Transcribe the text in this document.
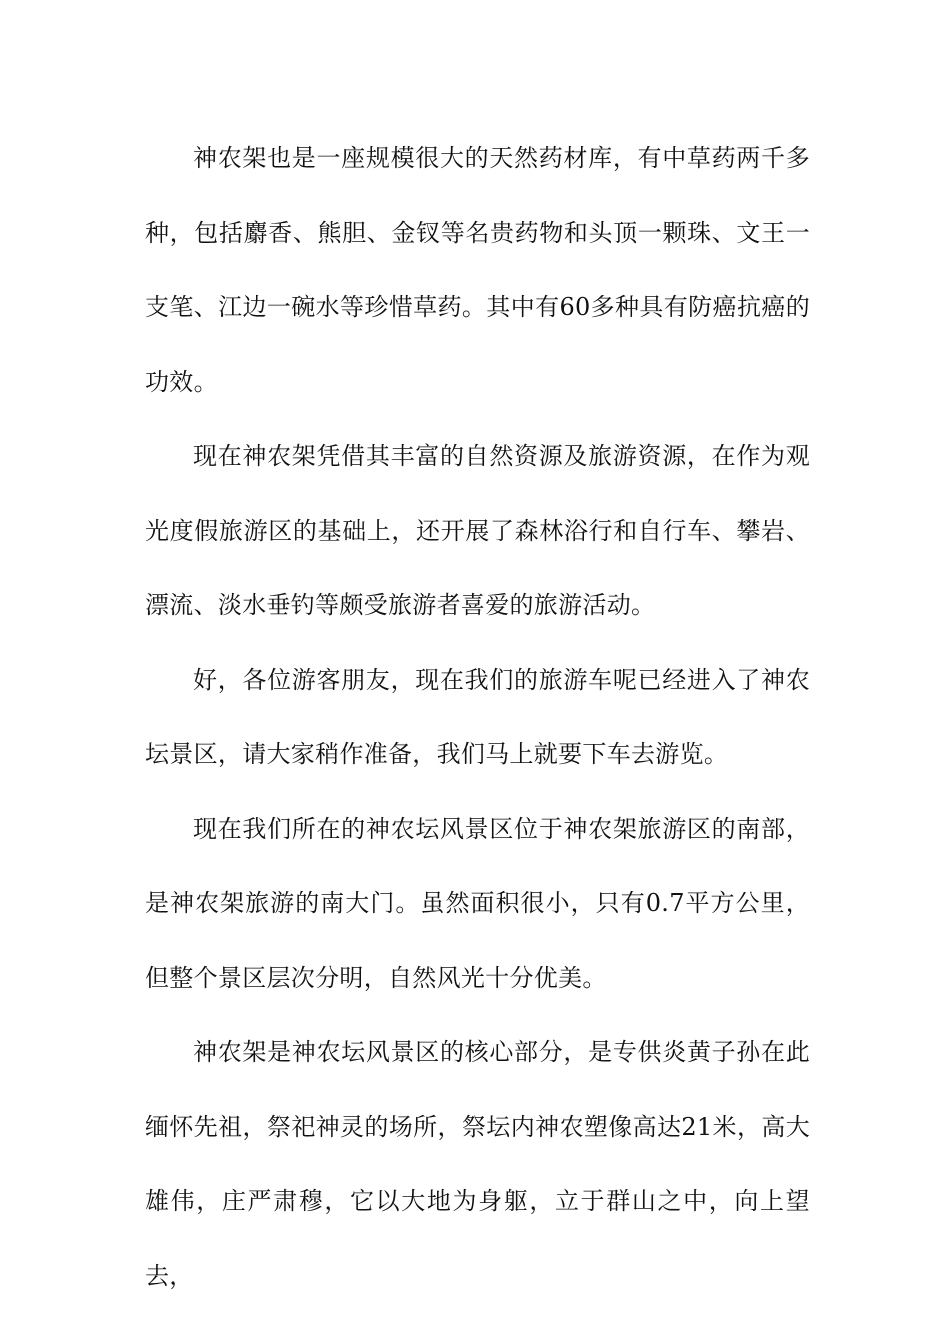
神农架也是一座规模很大的天然药材库，有中草药两千多种，包括麝香、熊胆、金钗等名贵药物和头顶一颗珠、文王一支笔、江边一碗水等珍惜草药。其中有60多种具有防癌抗癌的功效。

现在神农架凭借其丰富的自然资源及旅游资源，在作为观光度假旅游区的基础上，还开展了森林浴行和自行车、攀岩、漂流、淡水垂钓等颇受旅游者喜爱的旅游活动。

好，各位游客朋友，现在我们的旅游车呢已经进入了神农坛景区，请大家稍作准备，我们马上就要下车去游览。

现在我们所在的神农坛风景区位于神农架旅游区的南部，是神农架旅游的南大门。虽然面积很小，只有0.7平方公里，但整个景区层次分明，自然风光十分优美。

神农架是神农坛风景区的核心部分，是专供炎黄子孙在此缅怀先祖，祭祀神灵的场所，祭坛内神农塑像高达21米，高大雄伟，庄严肃穆，它以大地为身躯，立于群山之中，向上望去，
